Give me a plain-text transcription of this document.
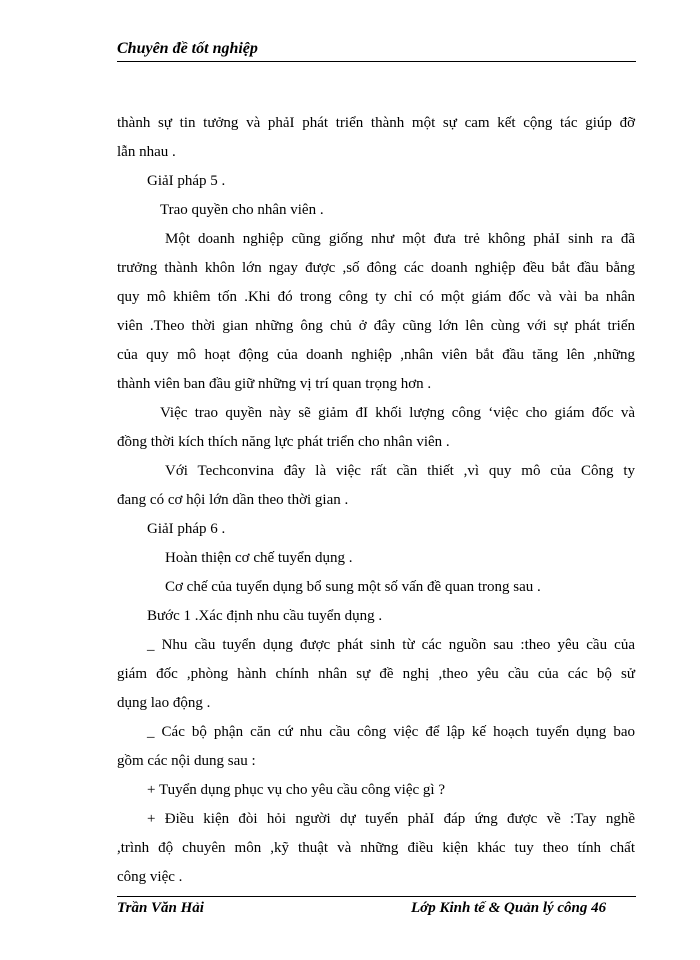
Chuyên đề tốt nghiệp
thành sự tin tưởng và phảI phát triển thành một sự cam kết cộng tác giúp đỡ
lẫn nhau .
GiảI pháp 5 .
Trao quyền cho nhân viên .
Một doanh nghiệp cũng giống như một đưa trẻ không phảI sinh ra đã
trưởng thành khôn lớn ngay được ,số đông các doanh nghiệp đều bắt đầu bằng
quy mô khiêm tốn .Khi đó trong công ty chỉ có một giám đốc và vài ba nhân
viên .Theo thời gian những ông chủ ở đây cũng lớn lên cùng với sự phát triển
của quy mô hoạt động của doanh nghiệp ,nhân viên bắt đầu tăng lên ,những
thành viên ban đầu giữ những vị trí quan trọng hơn .
Việc trao quyền này sẽ giảm đI khối lượng công ‘việc cho giám đốc và
đồng thời kích thích năng lực phát triển cho nhân viên .
Với Techconvina đây là việc rất cần thiết ,vì quy mô của Công ty
đang có cơ hội lớn dần theo thời gian .
GiảI pháp 6 .
Hoàn thiện cơ chế tuyển dụng .
Cơ chế của tuyển dụng bổ sung một số vấn đề quan trong sau .
Bước 1 .Xác định nhu cầu tuyển dụng .
_ Nhu cầu tuyển dụng được phát sinh từ các nguồn sau :theo yêu cầu của
giám đốc ,phòng hành chính nhân sự đề nghị ,theo yêu cầu của các bộ sử
dụng lao động .
_ Các bộ phận căn cứ nhu cầu công việc để lập kế hoạch tuyển dụng bao
gồm các nội dung sau :
+ Tuyển dụng phục vụ cho yêu cầu công việc gì ?
+ Điều kiện đòi hỏi người dự tuyển phảI đáp ứng được về :Tay nghề
,trình độ chuyên môn ,kỹ thuật và những điều kiện khác tuy theo tính chất
công việc .
Trần Văn Hải	Lớp Kinh tế & Quản lý công 46
